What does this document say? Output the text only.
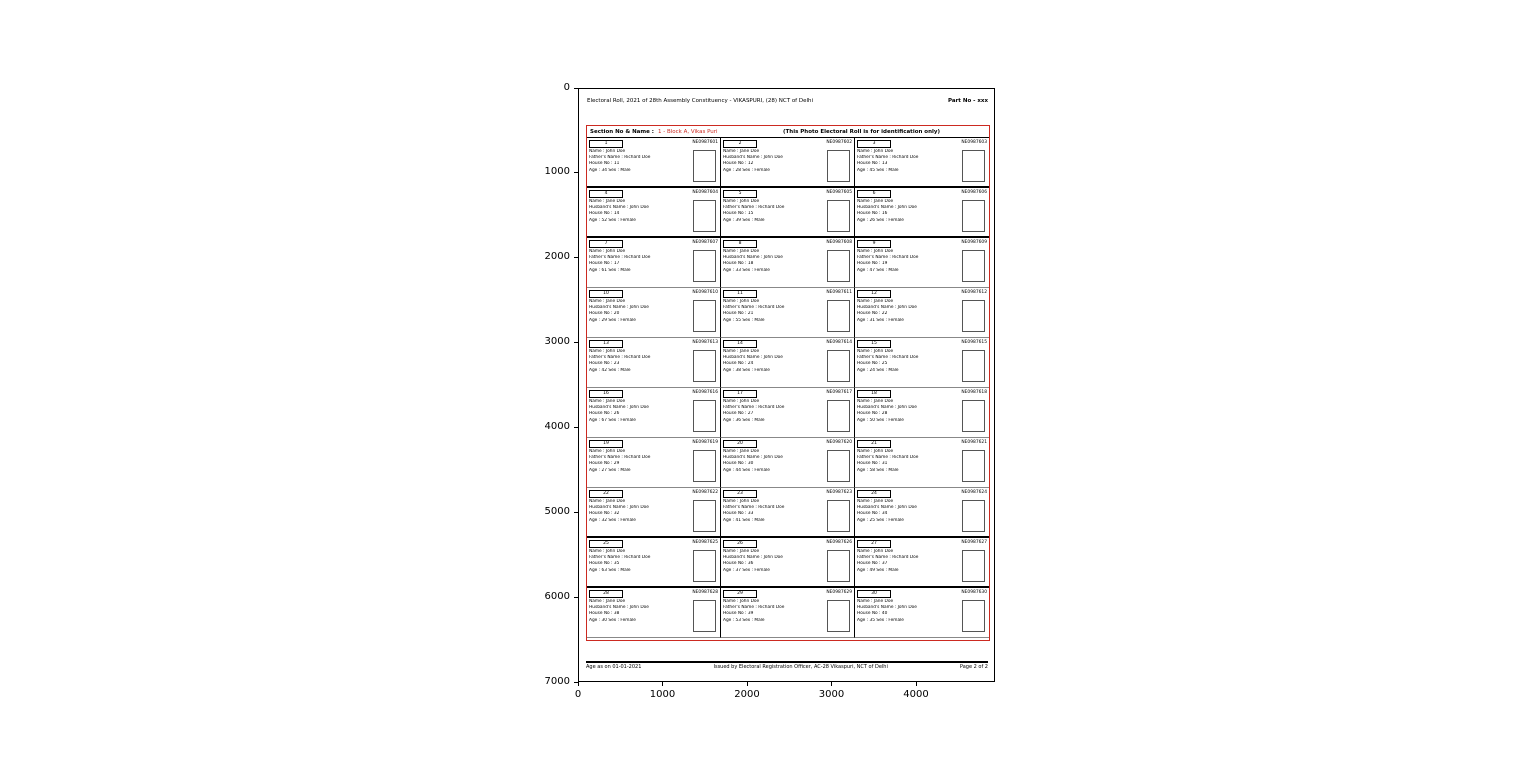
Electoral Roll, 2021 of 28th Assembly Constituency - VIKASPURI, (28) NCT of Delhi	Part No - xxx
Section No & Name : 1 - Block A, Vikas Puri	(This Photo Electoral Roll is for identification only)
1	NE0987601
Name : John Doe
Father's Name : Richard Doe
House No : 11
Age : 34 Sex : Male
2	NE0987602
Name : Jane Doe
Husband's Name : John Doe
House No : 12
Age : 28 Sex : Female
3	NE0987603
Name : John Doe
Father's Name : Richard Doe
House No : 13
Age : 45 Sex : Male
4	NE0987604
Name : Jane Doe
Husband's Name : John Doe
House No : 14
Age : 52 Sex : Female
5	NE0987605
Name : John Doe
Father's Name : Richard Doe
House No : 15
Age : 39 Sex : Male
6	NE0987606
Name : Jane Doe
Husband's Name : John Doe
House No : 16
Age : 26 Sex : Female
7	NE0987607
Name : John Doe
Father's Name : Richard Doe
House No : 17
Age : 61 Sex : Male
8	NE0987608
Name : Jane Doe
Husband's Name : John Doe
House No : 18
Age : 33 Sex : Female
9	NE0987609
Name : John Doe
Father's Name : Richard Doe
House No : 19
Age : 47 Sex : Male
10	NE0987610
Name : Jane Doe
Husband's Name : John Doe
House No : 20
Age : 29 Sex : Female
11	NE0987611
Name : John Doe
Father's Name : Richard Doe
House No : 21
Age : 55 Sex : Male
12	NE0987612
Name : Jane Doe
Husband's Name : John Doe
House No : 22
Age : 31 Sex : Female
13	NE0987613
Name : John Doe
Father's Name : Richard Doe
House No : 23
Age : 42 Sex : Male
14	NE0987614
Name : Jane Doe
Husband's Name : John Doe
House No : 24
Age : 38 Sex : Female
15	NE0987615
Name : John Doe
Father's Name : Richard Doe
House No : 25
Age : 24 Sex : Male
16	NE0987616
Name : Jane Doe
Husband's Name : John Doe
House No : 26
Age : 67 Sex : Female
17	NE0987617
Name : John Doe
Father's Name : Richard Doe
House No : 27
Age : 36 Sex : Male
18	NE0987618
Name : Jane Doe
Husband's Name : John Doe
House No : 28
Age : 50 Sex : Female
19	NE0987619
Name : John Doe
Father's Name : Richard Doe
House No : 29
Age : 27 Sex : Male
20	NE0987620
Name : Jane Doe
Husband's Name : John Doe
House No : 30
Age : 44 Sex : Female
21	NE0987621
Name : John Doe
Father's Name : Richard Doe
House No : 31
Age : 58 Sex : Male
22	NE0987622
Name : Jane Doe
Husband's Name : John Doe
House No : 32
Age : 32 Sex : Female
23	NE0987623
Name : John Doe
Father's Name : Richard Doe
House No : 33
Age : 41 Sex : Male
24	NE0987624
Name : Jane Doe
Husband's Name : John Doe
House No : 34
Age : 25 Sex : Female
25	NE0987625
Name : John Doe
Father's Name : Richard Doe
House No : 35
Age : 63 Sex : Male
26	NE0987626
Name : Jane Doe
Husband's Name : John Doe
House No : 36
Age : 37 Sex : Female
27	NE0987627
Name : John Doe
Father's Name : Richard Doe
House No : 37
Age : 49 Sex : Male
28	NE0987628
Name : Jane Doe
Husband's Name : John Doe
House No : 38
Age : 30 Sex : Female
29	NE0987629
Name : John Doe
Father's Name : Richard Doe
House No : 39
Age : 53 Sex : Male
30	NE0987630
Name : Jane Doe
Husband's Name : John Doe
House No : 40
Age : 35 Sex : Female
Age as on 01-01-2021	Issued by Electoral Registration Officer, AC-28 Vikaspuri, NCT of Delhi	Page 2 of 2
0
1000
2000
3000
4000
5000
6000
7000
0	1000	2000	3000	4000
